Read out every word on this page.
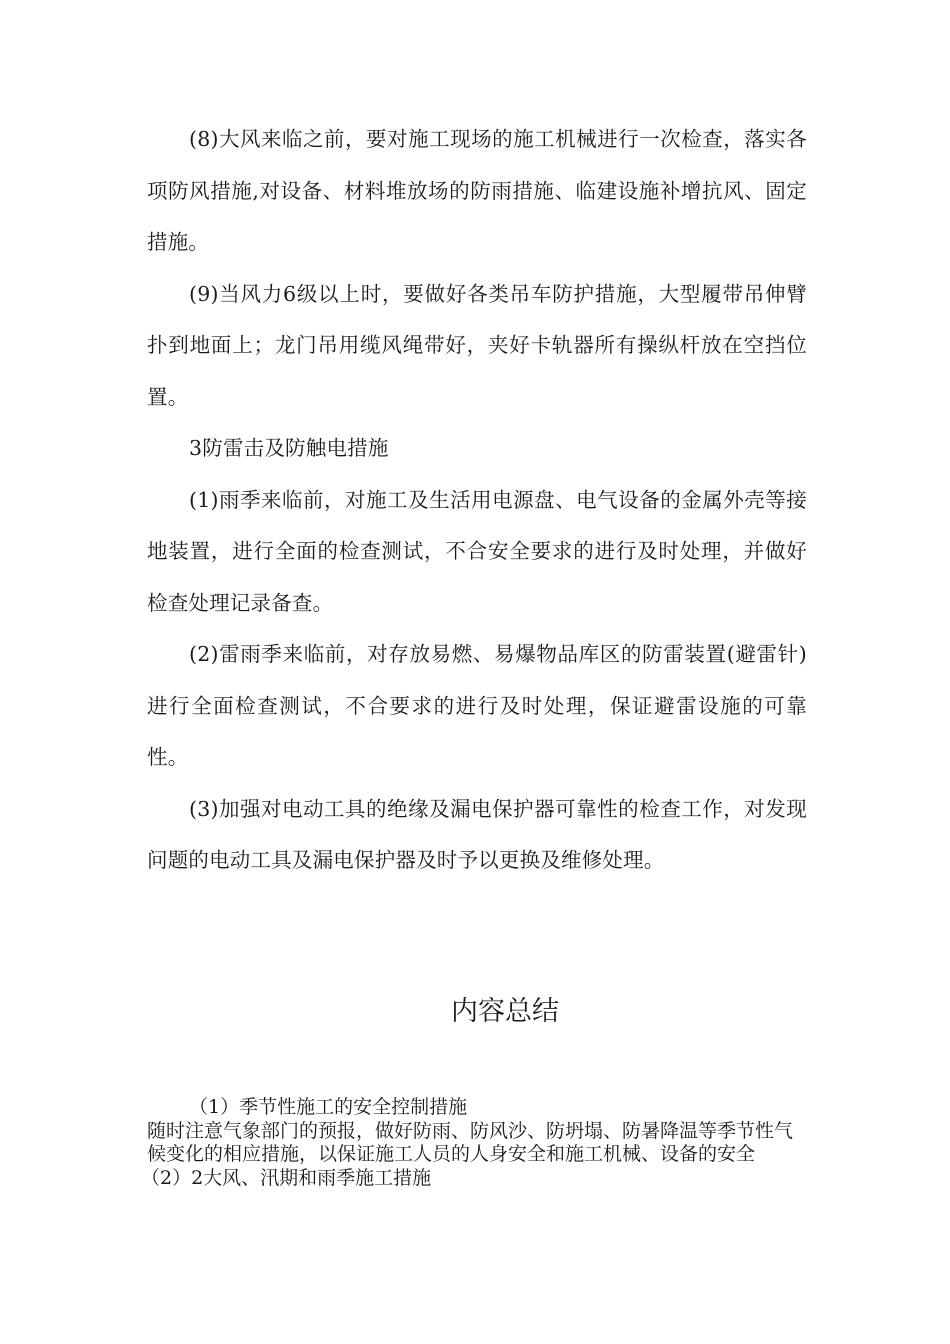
(8)大风来临之前，要对施工现场的施工机械进行一次检查，落实各项防风措施,对设备、材料堆放场的防雨措施、临建设施补增抗风、固定措施。

(9)当风力6级以上时，要做好各类吊车防护措施，大型履带吊伸臂扑到地面上；龙门吊用缆风绳带好，夹好卡轨器所有操纵杆放在空挡位置。

3防雷击及防触电措施

(1)雨季来临前，对施工及生活用电源盘、电气设备的金属外壳等接地装置，进行全面的检查测试，不合安全要求的进行及时处理，并做好检查处理记录备查。

(2)雷雨季来临前，对存放易燃、易爆物品库区的防雷装置(避雷针)进行全面检查测试，不合要求的进行及时处理，保证避雷设施的可靠性。

(3)加强对电动工具的绝缘及漏电保护器可靠性的检查工作，对发现问题的电动工具及漏电保护器及时予以更换及维修处理。

内容总结

（1）季节性施工的安全控制措施

随时注意气象部门的预报，做好防雨、防风沙、防坍塌、防暑降温等季节性气候变化的相应措施，以保证施工人员的人身安全和施工机械、设备的安全

（2）2大风、汛期和雨季施工措施
